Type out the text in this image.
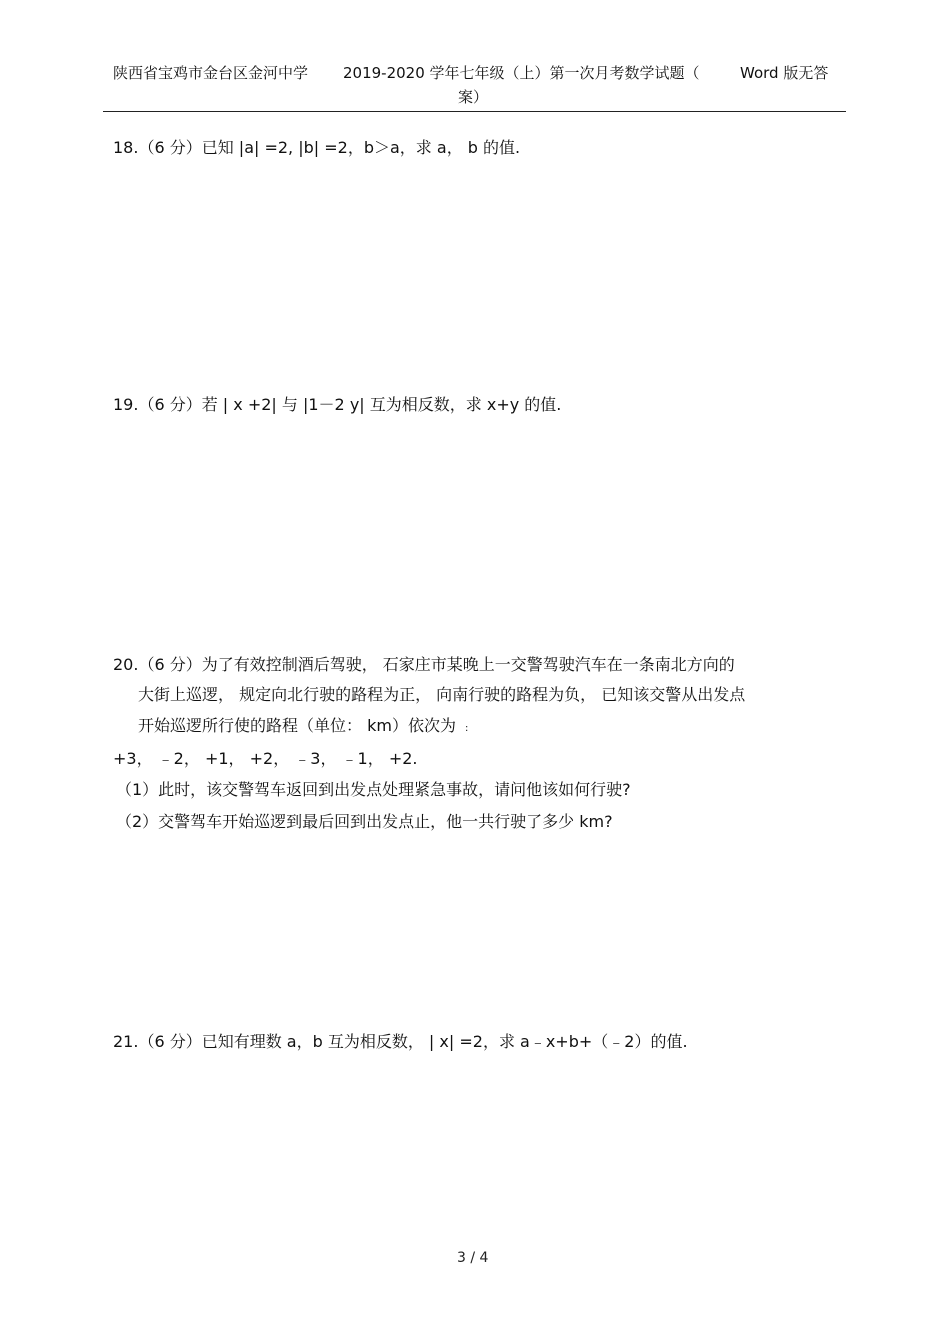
陕西省宝鸡市金台区金河中学 2019-2020 学年七年级（上）第一次月考数学试题（	Word 版无答
案）
18.（6 分）已知 |a| =2, |b| =2，b＞a，求 a， b 的值.
19.（6 分）若 | x +2| 与 |1－2 y| 互为相反数，求 x+y 的值.
20.（6 分）为了有效控制酒后驾驶， 石家庄市某晚上一交警驾驶汽车在一条南北方向的
大街上巡逻， 规定向北行驶的路程为正， 向南行驶的路程为负， 已知该交警从出发点
开始巡逻所行使的路程（单位： km）依次为 :
+3， ﹣2， +1， +2， ﹣3， ﹣1， +2.
（1）此时，该交警驾车返回到出发点处理紧急事故，请问他该如何行驶?
（2）交警驾车开始巡逻到最后回到出发点止，他一共行驶了多少 km?
21.（6 分）已知有理数 a，b 互为相反数， | x| =2，求 a﹣x+b+（﹣2）的值.
3 / 4
